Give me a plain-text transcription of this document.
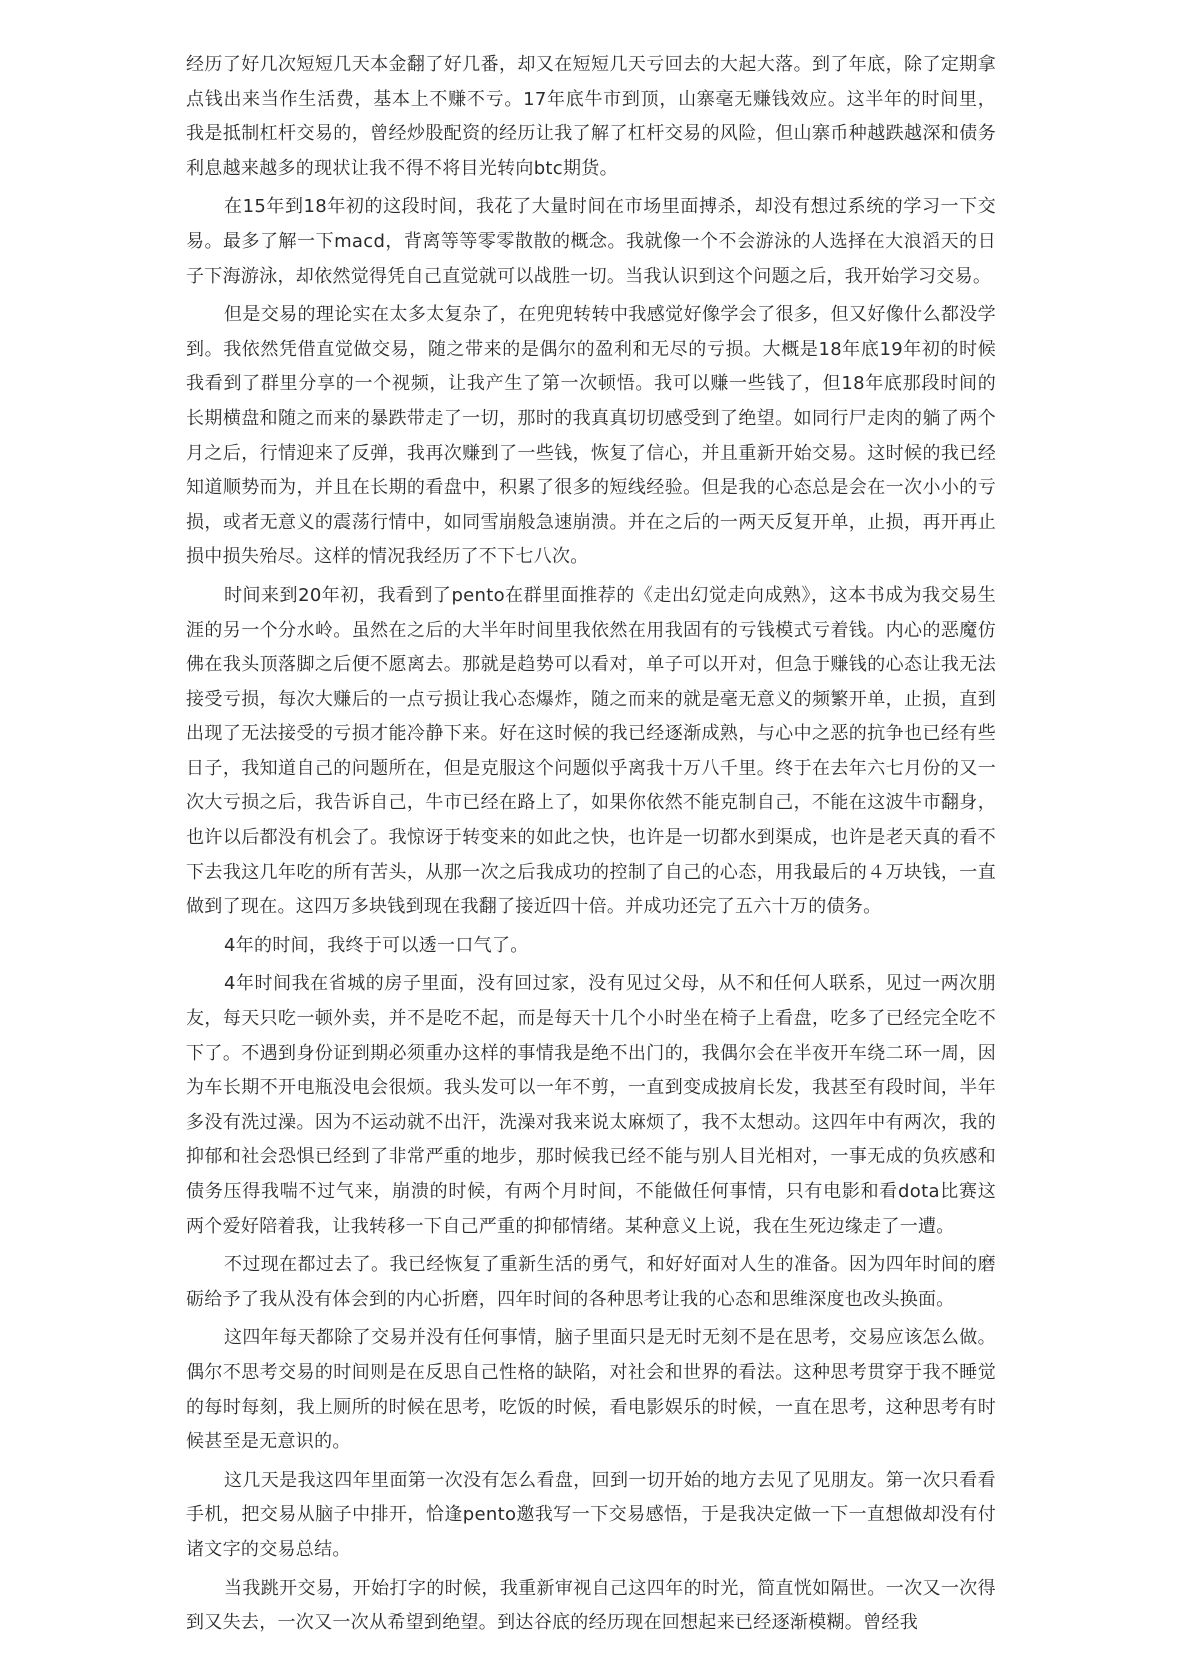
经历了好几次短短几天本金翻了好几番，却又在短短几天亏回去的大起大落。到了年底，除了定期拿点钱出来当作生活费，基本上不赚不亏。17年底牛市到顶，山寨毫无赚钱效应。这半年的时间里，我是抵制杠杆交易的，曾经炒股配资的经历让我了解了杠杆交易的风险，但山寨币种越跌越深和债务利息越来越多的现状让我不得不将目光转向btc期货。

在15年到18年初的这段时间，我花了大量时间在市场里面搏杀，却没有想过系统的学习一下交易。最多了解一下macd，背离等等零零散散的概念。我就像一个不会游泳的人选择在大浪滔天的日子下海游泳，却依然觉得凭自己直觉就可以战胜一切。当我认识到这个问题之后，我开始学习交易。

但是交易的理论实在太多太复杂了，在兜兜转转中我感觉好像学会了很多，但又好像什么都没学到。我依然凭借直觉做交易，随之带来的是偶尔的盈利和无尽的亏损。大概是18年底19年初的时候我看到了群里分享的一个视频，让我产生了第一次顿悟。我可以赚一些钱了，但18年底那段时间的长期横盘和随之而来的暴跌带走了一切，那时的我真真切切感受到了绝望。如同行尸走肉的躺了两个月之后，行情迎来了反弹，我再次赚到了一些钱，恢复了信心，并且重新开始交易。这时候的我已经知道顺势而为，并且在长期的看盘中，积累了很多的短线经验。但是我的心态总是会在一次小小的亏损，或者无意义的震荡行情中，如同雪崩般急速崩溃。并在之后的一两天反复开单，止损，再开再止损中损失殆尽。这样的情况我经历了不下七八次。

时间来到20年初，我看到了pento在群里面推荐的《走出幻觉走向成熟》，这本书成为我交易生涯的另一个分水岭。虽然在之后的大半年时间里我依然在用我固有的亏钱模式亏着钱。内心的恶魔仿佛在我头顶落脚之后便不愿离去。那就是趋势可以看对，单子可以开对，但急于赚钱的心态让我无法接受亏损，每次大赚后的一点亏损让我心态爆炸，随之而来的就是毫无意义的频繁开单，止损，直到出现了无法接受的亏损才能冷静下来。好在这时候的我已经逐渐成熟，与心中之恶的抗争也已经有些日子，我知道自己的问题所在，但是克服这个问题似乎离我十万八千里。终于在去年六七月份的又一次大亏损之后，我告诉自己，牛市已经在路上了，如果你依然不能克制自己，不能在这波牛市翻身，也许以后都没有机会了。我惊讶于转变来的如此之快，也许是一切都水到渠成，也许是老天真的看不下去我这几年吃的所有苦头，从那一次之后我成功的控制了自己的心态，用我最后的４万块钱，一直做到了现在。这四万多块钱到现在我翻了接近四十倍。并成功还完了五六十万的债务。

4年的时间，我终于可以透一口气了。

4年时间我在省城的房子里面，没有回过家，没有见过父母，从不和任何人联系，见过一两次朋友，每天只吃一顿外卖，并不是吃不起，而是每天十几个小时坐在椅子上看盘，吃多了已经完全吃不下了。不遇到身份证到期必须重办这样的事情我是绝不出门的，我偶尔会在半夜开车绕二环一周，因为车长期不开电瓶没电会很烦。我头发可以一年不剪，一直到变成披肩长发，我甚至有段时间，半年多没有洗过澡。因为不运动就不出汗，洗澡对我来说太麻烦了，我不太想动。这四年中有两次，我的抑郁和社会恐惧已经到了非常严重的地步，那时候我已经不能与别人目光相对，一事无成的负疚感和债务压得我喘不过气来，崩溃的时候，有两个月时间，不能做任何事情，只有电影和看dota比赛这两个爱好陪着我，让我转移一下自己严重的抑郁情绪。某种意义上说，我在生死边缘走了一遭。

不过现在都过去了。我已经恢复了重新生活的勇气，和好好面对人生的准备。因为四年时间的磨砺给予了我从没有体会到的内心折磨，四年时间的各种思考让我的心态和思维深度也改头换面。

这四年每天都除了交易并没有任何事情，脑子里面只是无时无刻不是在思考，交易应该怎么做。偶尔不思考交易的时间则是在反思自己性格的缺陷，对社会和世界的看法。这种思考贯穿于我不睡觉的每时每刻，我上厕所的时候在思考，吃饭的时候，看电影娱乐的时候，一直在思考，这种思考有时候甚至是无意识的。

这几天是我这四年里面第一次没有怎么看盘，回到一切开始的地方去见了见朋友。第一次只看看手机，把交易从脑子中排开，恰逢pento邀我写一下交易感悟，于是我决定做一下一直想做却没有付诸文字的交易总结。

当我跳开交易，开始打字的时候，我重新审视自己这四年的时光，简直恍如隔世。一次又一次得到又失去，一次又一次从希望到绝望。到达谷底的经历现在回想起来已经逐渐模糊。曾经我
